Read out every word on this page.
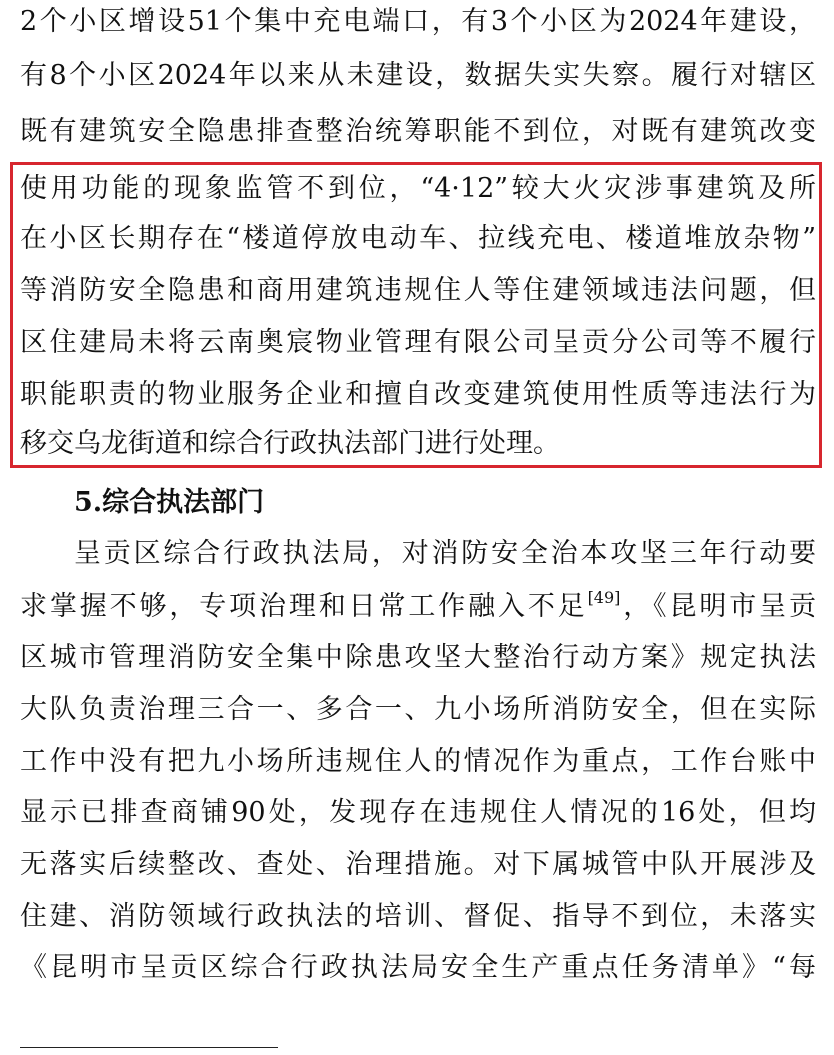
2个小区增设51个集中充电端口，有3个小区为2024年建设，
有8个小区2024年以来从未建设，数据失实失察。履行对辖区
既有建筑安全隐患排查整治统筹职能不到位，对既有建筑改变
使用功能的现象监管不到位，“4·12”较大火灾涉事建筑及所
在小区长期存在“楼道停放电动车、拉线充电、楼道堆放杂物”
等消防安全隐患和商用建筑违规住人等住建领域违法问题，但
区住建局未将云南奥宸物业管理有限公司呈贡分公司等不履行
职能职责的物业服务企业和擅自改变建筑使用性质等违法行为
移交乌龙街道和综合行政执法部门进行处理。
5.综合执法部门
呈贡区综合行政执法局，对消防安全治本攻坚三年行动要
求掌握不够，专项治理和日常工作融入不足[49]，《昆明市呈贡
区城市管理消防安全集中除患攻坚大整治行动方案》规定执法
大队负责治理三合一、多合一、九小场所消防安全，但在实际
工作中没有把九小场所违规住人的情况作为重点，工作台账中
显示已排查商铺90处，发现存在违规住人情况的16处，但均
无落实后续整改、查处、治理措施。对下属城管中队开展涉及
住建、消防领域行政执法的培训、督促、指导不到位，未落实
《昆明市呈贡区综合行政执法局安全生产重点任务清单》“每
